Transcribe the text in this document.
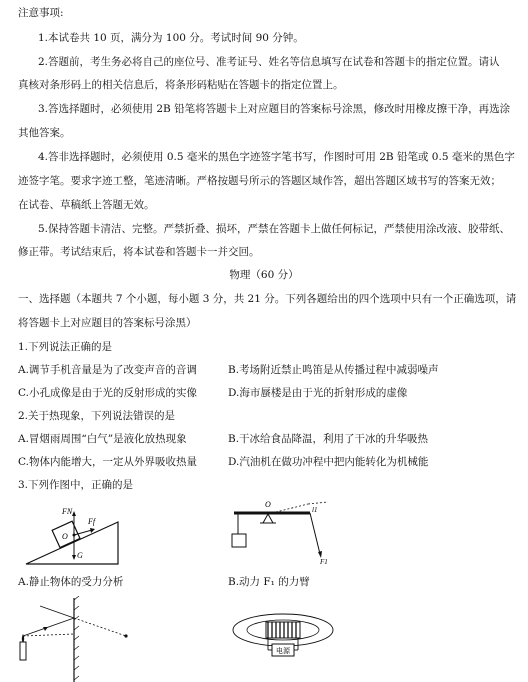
注意事项:
1.本试卷共 10 页，满分为 100 分。考试时间 90 分钟。
2.答题前，考生务必将自己的座位号、准考证号、姓名等信息填写在试卷和答题卡的指定位置。请认
真核对条形码上的相关信息后，将条形码粘贴在答题卡的指定位置上。
3.答选择题时，必须使用 2B 铅笔将答题卡上对应题目的答案标号涂黑，修改时用橡皮擦干净，再选涂
其他答案。
4.答非选择题时，必须使用 0.5 毫米的黑色字迹签字笔书写，作图时可用 2B 铅笔或 0.5 毫米的黑色字
迹签字笔。要求字迹工整，笔迹清晰。严格按题号所示的答题区域作答，超出答题区域书写的答案无效；
在试卷、草稿纸上答题无效。
5.保持答题卡清洁、完整。严禁折叠、损坏，严禁在答题卡上做任何标记，严禁使用涂改液、胶带纸、
修正带。考试结束后，将本试卷和答题卡一并交回。
物理（60 分）
一、选择题（本题共 7 个小题，每小题 3 分，共 21 分。下列各题给出的四个选项中只有一个正确选项，请
将答题卡上对应题目的答案标号涂黑）
1.下列说法正确的是
A.调节手机音量是为了改变声音的音调	B.考场附近禁止鸣笛是从传播过程中减弱噪声
C.小孔成像是由于光的反射形成的实像	D.海市蜃楼是由于光的折射形成的虚像
2.关于热现象，下列说法错误的是
A.冒烟雨周围“白气”是液化放热现象	B.干冰给食品降温，利用了干冰的升华吸热
C.物体内能增大，一定从外界吸收热量	D.汽油机在做功冲程中把内能转化为机械能
3.下列作图中，正确的是
FN
Ff
O
G
O
l1
F1
A.静止物体的受力分析	B.动力 F₁ 的力臂
电源
